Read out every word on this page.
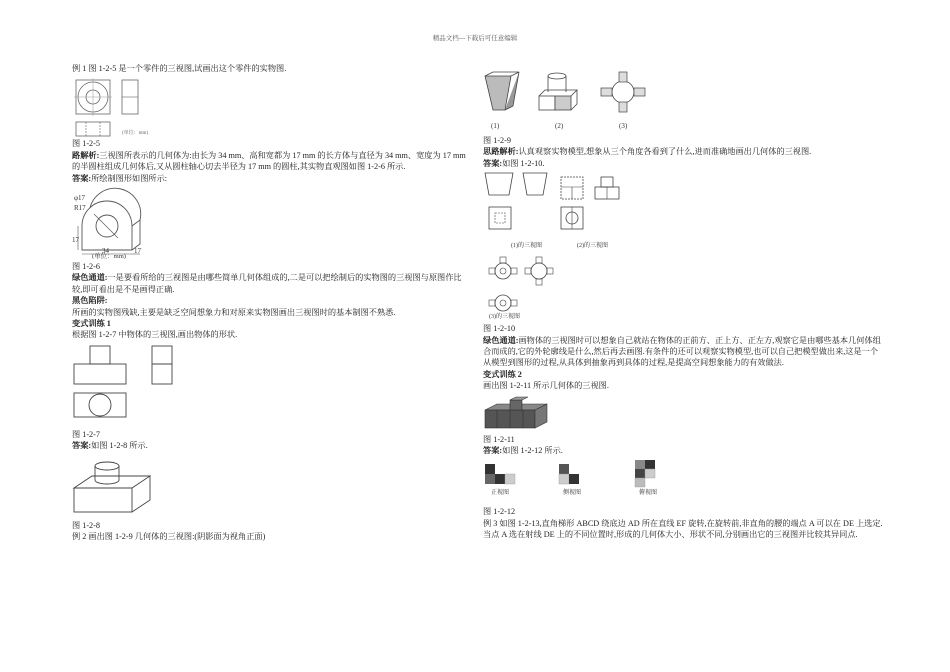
精品文档---下载后可任意编辑

例 1 图 1-2-5 是一个零件的三视图,试画出这个零件的实物图.

(单位：mm)

图 1-2-5

路解析:三视图所表示的几何体为:由长为 34 mm、高和宽都为 17 mm 的长方体与直径为 34 mm、宽度为 17 mm 的半圆柱组成几何体后,又从圆柱轴心切去半径为 17 mm 的圆柱,其实物直观图如图 1-2-6 所示.

答案:所绘制图形如图所示:

φ17
R17
17
34	17
(单位：mm)

图 1-2-6

绿色通道:一是要看所给的三视图是由哪些简单几何体组成的,二是可以把绘制后的实物图的三视图与原图作比较,即可看出是不是画得正确.

黑色陷阱:

所画的实物图残缺,主要是缺乏空间想象力和对原来实物图画出三视图时的基本制图不熟悉.

变式训练 1

根据图 1-2-7 中物体的三视图,画出物体的形状.

图 1-2-7

答案:如图 1-2-8 所示.

图 1-2-8

例 2 画出图 1-2-9 几何体的三视图:(阴影面为视角正面)

(1)	(2)	(3)

图 1-2-9

思路解析:认真观察实物模型,想象从三个角度各看到了什么,进而准确地画出几何体的三视图.

答案:如图 1-2-10.

(1)的三视图	(2)的三视图
(3)的三视图

图 1-2-10

绿色通道:画物体的三视图时可以想象自己就站在物体的正前方、正上方、正左方,观察它是由哪些基本几何体组合而成的,它的外轮廓线是什么,然后再去画图.有条件的还可以观察实物模型,也可以自己把模型做出来,这是一个从模型到图形的过程,从具体到抽象再到具体的过程,是提高空间想象能力的有效做法.

变式训练 2

画出图 1-2-11 所示几何体的三视图.

图 1-2-11

答案:如图 1-2-12 所示.

正视图	侧视图	俯视图

图 1-2-12

例 3 如图 1-2-13,直角梯形 ABCD 绕底边 AD 所在直线 EF 旋转,在旋转前,非直角的腰的端点 A 可以在 DE 上选定.当点 A 选在射线 DE 上的不同位置时,形成的几何体大小、形状不同,分别画出它的三视图并比较其异同点.
